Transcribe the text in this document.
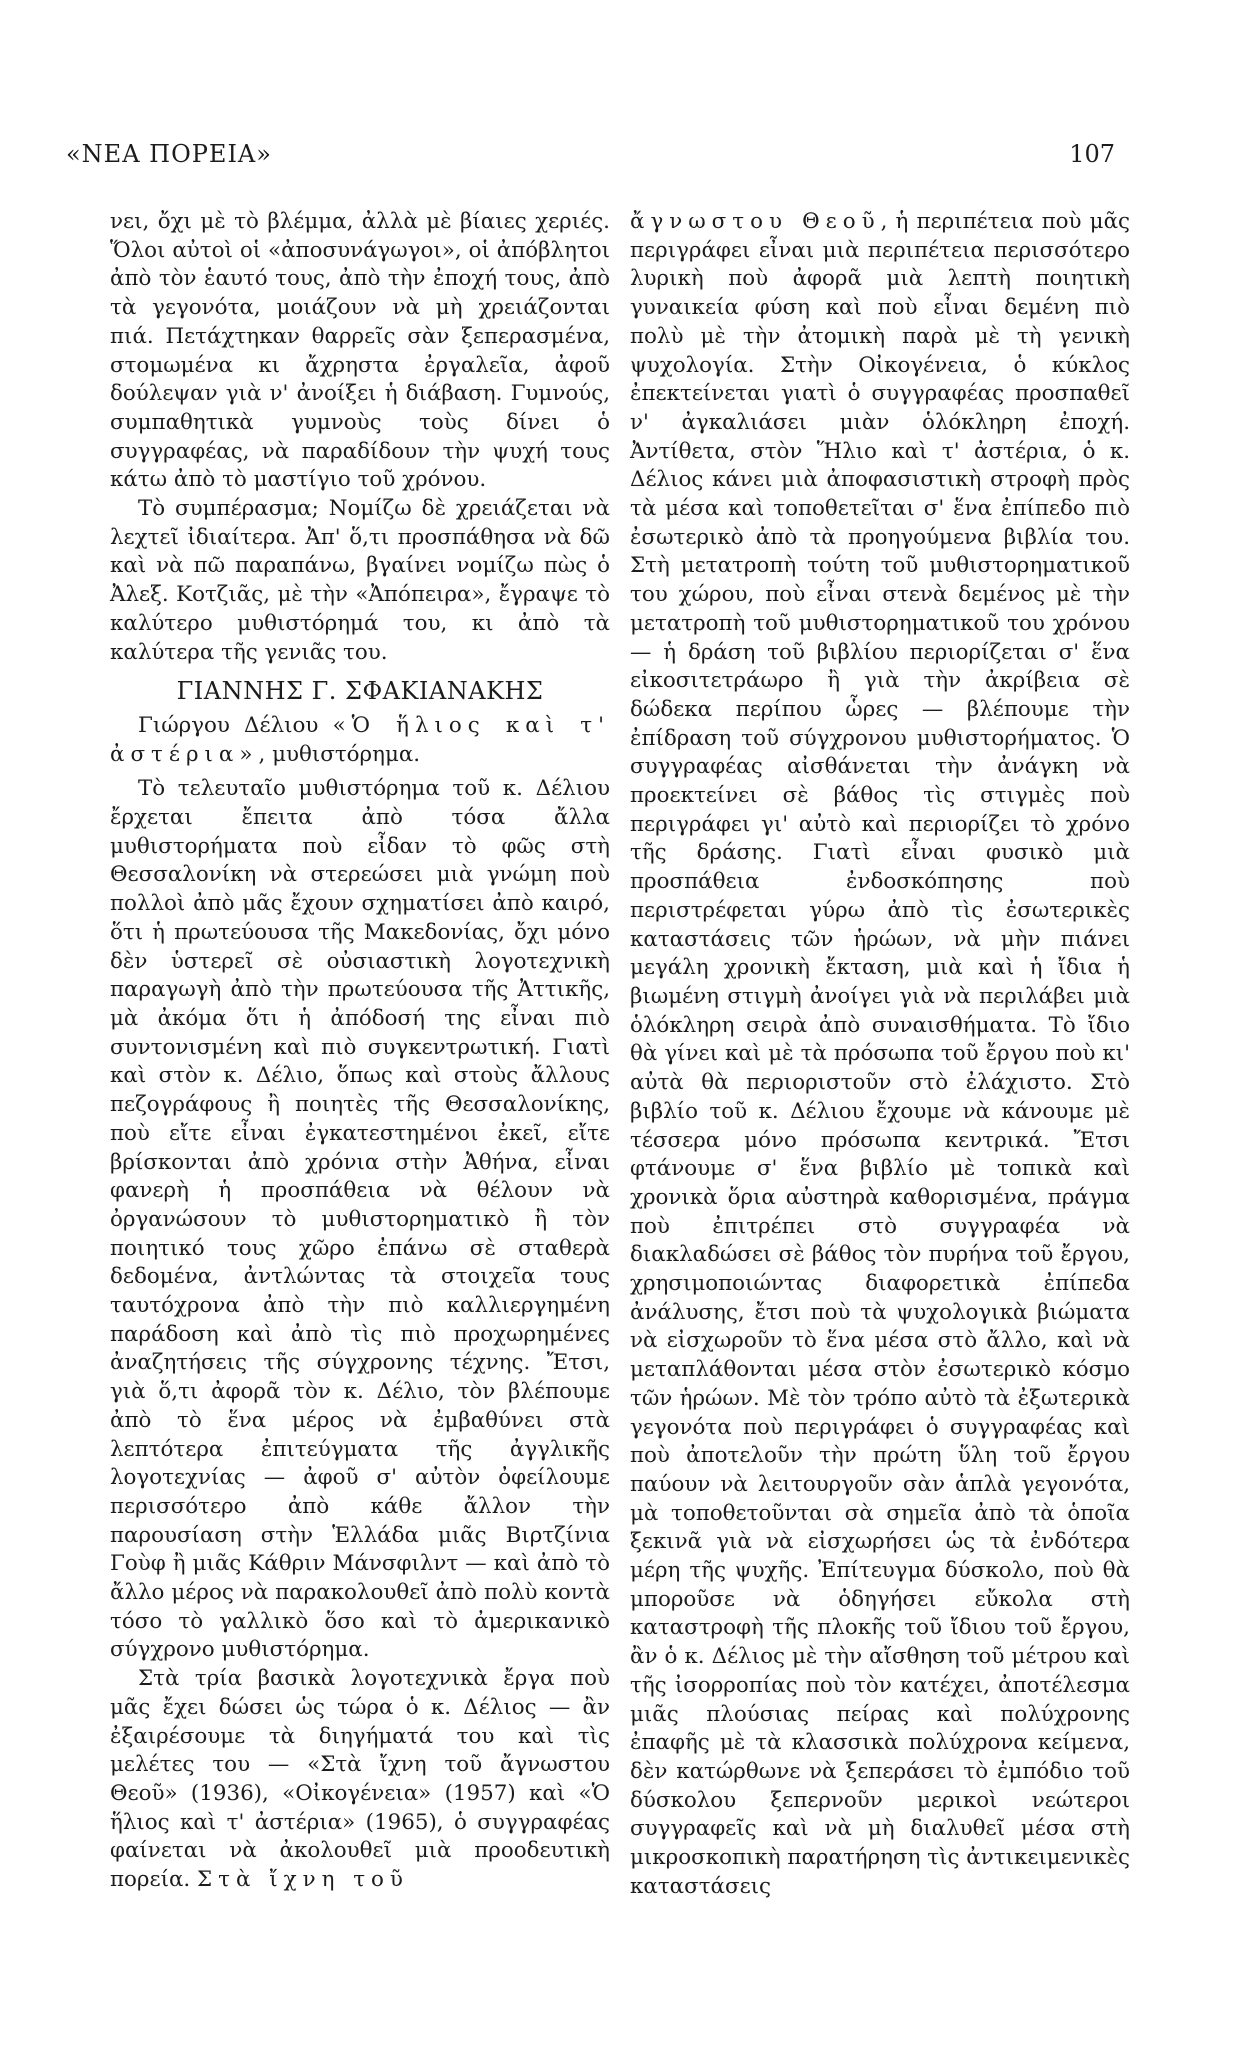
«ΝΕΑ ΠΟΡΕΙΑ»	107

νει, ὄχι μὲ τὸ βλέμμα, ἀλλὰ μὲ βίαιες χεριές. Ὅλοι αὐτοὶ οἱ «ἀποσυνάγωγοι», οἱ ἀπόβλητοι ἀπὸ τὸν ἑαυτό τους, ἀπὸ τὴν ἐποχή τους, ἀπὸ τὰ γεγονότα, μοιάζουν νὰ μὴ χρειάζονται πιά. Πετάχτηκαν θαρρεῖς σὰν ξεπερασμένα, στομωμένα κι ἄχρηστα ἐργαλεῖα, ἀφοῦ δούλεψαν γιὰ ν' ἀνοίξει ἡ διάβαση. Γυμνούς, συμπαθητικὰ γυμνοὺς τοὺς δίνει ὁ συγγραφέας, νὰ παραδίδουν τὴν ψυχή τους κάτω ἀπὸ τὸ μαστίγιο τοῦ χρόνου.

Τὸ συμπέρασμα; Νομίζω δὲ χρειάζεται νὰ λεχτεῖ ἰδιαίτερα. Ἀπ' ὅ,τι προσπάθησα νὰ δῶ καὶ νὰ πῶ παραπάνω, βγαίνει νομίζω πὼς ὁ Ἀλεξ. Κοτζιᾶς, μὲ τὴν «Ἀπόπειρα», ἔγραψε τὸ καλύτερο μυθιστόρημά του, κι ἀπὸ τὰ καλύτερα τῆς γενιᾶς του.

ΓΙΑΝΝΗΣ Γ. ΣΦΑΚΙΑΝΑΚΗΣ

Γιώργου Δέλιου «Ὁ ἥλιος καὶ τ' ἀστέρια», μυθιστόρημα.

Τὸ τελευταῖο μυθιστόρημα τοῦ κ. Δέλιου ἔρχεται ἔπειτα ἀπὸ τόσα ἄλλα μυθιστορήματα ποὺ εἶδαν τὸ φῶς στὴ Θεσσαλονίκη νὰ στερεώσει μιὰ γνώμη ποὺ πολλοὶ ἀπὸ μᾶς ἔχουν σχηματίσει ἀπὸ καιρό, ὅτι ἡ πρωτεύουσα τῆς Μακεδονίας, ὄχι μόνο δὲν ὑστερεῖ σὲ οὐσιαστικὴ λογοτεχνικὴ παραγωγὴ ἀπὸ τὴν πρωτεύουσα τῆς Ἀττικῆς, μὰ ἀκόμα ὅτι ἡ ἀπόδοσή της εἶναι πιὸ συντονισμένη καὶ πιὸ συγκεντρωτική. Γιατὶ καὶ στὸν κ. Δέλιο, ὅπως καὶ στοὺς ἄλλους πεζογράφους ἢ ποιητὲς τῆς Θεσσαλονίκης, ποὺ εἴτε εἶναι ἐγκατεστημένοι ἐκεῖ, εἴτε βρίσκονται ἀπὸ χρόνια στὴν Ἀθήνα, εἶναι φανερὴ ἡ προσπάθεια νὰ θέλουν νὰ ὀργανώσουν τὸ μυθιστορηματικὸ ἢ τὸν ποιητικό τους χῶρο ἐπάνω σὲ σταθερὰ δεδομένα, ἀντλώντας τὰ στοιχεῖα τους ταυτόχρονα ἀπὸ τὴν πιὸ καλλιεργημένη παράδοση καὶ ἀπὸ τὶς πιὸ προχωρημένες ἀναζητήσεις τῆς σύγχρονης τέχνης. Ἔτσι, γιὰ ὅ,τι ἀφορᾶ τὸν κ. Δέλιο, τὸν βλέπουμε ἀπὸ τὸ ἕνα μέρος νὰ ἐμβαθύνει στὰ λεπτότερα ἐπιτεύγματα τῆς ἀγγλικῆς λογοτεχνίας — ἀφοῦ σ' αὐτὸν ὀφείλουμε περισσότερο ἀπὸ κάθε ἄλλον τὴν παρουσίαση στὴν Ἑλλάδα μιᾶς Βιρτζίνια Γοὺφ ἢ μιᾶς Κάθριν Μάνσφιλντ — καὶ ἀπὸ τὸ ἄλλο μέρος νὰ παρακολουθεῖ ἀπὸ πολὺ κοντὰ τόσο τὸ γαλλικὸ ὅσο καὶ τὸ ἀμερικανικὸ σύγχρονο μυθιστόρημα.

Στὰ τρία βασικὰ λογοτεχνικὰ ἔργα ποὺ μᾶς ἔχει δώσει ὡς τώρα ὁ κ. Δέλιος — ἂν ἐξαιρέσουμε τὰ διηγήματά του καὶ τὶς μελέτες του — «Στὰ ἴχνη τοῦ ἄγνωστου Θεοῦ» (1936), «Οἰκογένεια» (1957) καὶ «Ὁ ἥλιος καὶ τ' ἀστέρια» (1965), ὁ συγγραφέας φαίνεται νὰ ἀκολουθεῖ μιὰ προοδευτικὴ πορεία. Στὰ ἴχνη τοῦ

ἄγνωστου Θεοῦ, ἡ περιπέτεια ποὺ μᾶς περιγράφει εἶναι μιὰ περιπέτεια περισσότερο λυρικὴ ποὺ ἀφορᾶ μιὰ λεπτὴ ποιητικὴ γυναικεία φύση καὶ ποὺ εἶναι δεμένη πιὸ πολὺ μὲ τὴν ἀτομικὴ παρὰ μὲ τὴ γενικὴ ψυχολογία. Στὴν Οἰκογένεια, ὁ κύκλος ἐπεκτείνεται γιατὶ ὁ συγγραφέας προσπαθεῖ ν' ἀγκαλιάσει μιὰν ὁλόκληρη ἐποχή. Ἀντίθετα, στὸν Ἥλιο καὶ τ' ἀστέρια, ὁ κ. Δέλιος κάνει μιὰ ἀποφασιστικὴ στροφὴ πρὸς τὰ μέσα καὶ τοποθετεῖται σ' ἕνα ἐπίπεδο πιὸ ἐσωτερικὸ ἀπὸ τὰ προηγούμενα βιβλία του. Στὴ μετατροπὴ τούτη τοῦ μυθιστορηματικοῦ του χώρου, ποὺ εἶναι στενὰ δεμένος μὲ τὴν μετατροπὴ τοῦ μυθιστορηματικοῦ του χρόνου — ἡ δράση τοῦ βιβλίου περιορίζεται σ' ἕνα εἰκοσιτετράωρο ἢ γιὰ τὴν ἀκρίβεια σὲ δώδεκα περίπου ὧρες — βλέπουμε τὴν ἐπίδραση τοῦ σύγχρονου μυθιστορήματος. Ὁ συγγραφέας αἰσθάνεται τὴν ἀνάγκη νὰ προεκτείνει σὲ βάθος τὶς στιγμὲς ποὺ περιγράφει γι' αὐτὸ καὶ περιορίζει τὸ χρόνο τῆς δράσης. Γιατὶ εἶναι φυσικὸ μιὰ προσπάθεια ἐνδοσκόπησης ποὺ περιστρέφεται γύρω ἀπὸ τὶς ἐσωτερικὲς καταστάσεις τῶν ἡρώων, νὰ μὴν πιάνει μεγάλη χρονικὴ ἔκταση, μιὰ καὶ ἡ ἴδια ἡ βιωμένη στιγμὴ ἀνοίγει γιὰ νὰ περιλάβει μιὰ ὁλόκληρη σειρὰ ἀπὸ συναισθήματα. Τὸ ἴδιο θὰ γίνει καὶ μὲ τὰ πρόσωπα τοῦ ἔργου ποὺ κι' αὐτὰ θὰ περιοριστοῦν στὸ ἐλάχιστο. Στὸ βιβλίο τοῦ κ. Δέλιου ἔχουμε νὰ κάνουμε μὲ τέσσερα μόνο πρόσωπα κεντρικά. Ἔτσι φτάνουμε σ' ἕνα βιβλίο μὲ τοπικὰ καὶ χρονικὰ ὅρια αὐστηρὰ καθορισμένα, πράγμα ποὺ ἐπιτρέπει στὸ συγγραφέα νὰ διακλαδώσει σὲ βάθος τὸν πυρήνα τοῦ ἔργου, χρησιμοποιώντας διαφορετικὰ ἐπίπεδα ἀνάλυσης, ἔτσι ποὺ τὰ ψυχολογικὰ βιώματα νὰ εἰσχωροῦν τὸ ἕνα μέσα στὸ ἄλλο, καὶ νὰ μεταπλάθονται μέσα στὸν ἐσωτερικὸ κόσμο τῶν ἡρώων. Μὲ τὸν τρόπο αὐτὸ τὰ ἐξωτερικὰ γεγονότα ποὺ περιγράφει ὁ συγγραφέας καὶ ποὺ ἀποτελοῦν τὴν πρώτη ὕλη τοῦ ἔργου παύουν νὰ λειτουργοῦν σὰν ἁπλὰ γεγονότα, μὰ τοποθετοῦνται σὰ σημεῖα ἀπὸ τὰ ὁποῖα ξεκινᾶ γιὰ νὰ εἰσχωρήσει ὡς τὰ ἐνδότερα μέρη τῆς ψυχῆς. Ἐπίτευγμα δύσκολο, ποὺ θὰ μποροῦσε νὰ ὁδηγήσει εὔκολα στὴ καταστροφὴ τῆς πλοκῆς τοῦ ἴδιου τοῦ ἔργου, ἂν ὁ κ. Δέλιος μὲ τὴν αἴσθηση τοῦ μέτρου καὶ τῆς ἰσορροπίας ποὺ τὸν κατέχει, ἀποτέλεσμα μιᾶς πλούσιας πείρας καὶ πολύχρονης ἐπαφῆς μὲ τὰ κλασσικὰ πολύχρονα κείμενα, δὲν κατώρθωνε νὰ ξεπεράσει τὸ ἐμπόδιο τοῦ δύσκολου ξεπερνοῦν μερικοὶ νεώτεροι συγγραφεῖς καὶ νὰ μὴ διαλυθεῖ μέσα στὴ μικροσκοπικὴ παρατήρηση τὶς ἀντικειμενικὲς καταστάσεις
